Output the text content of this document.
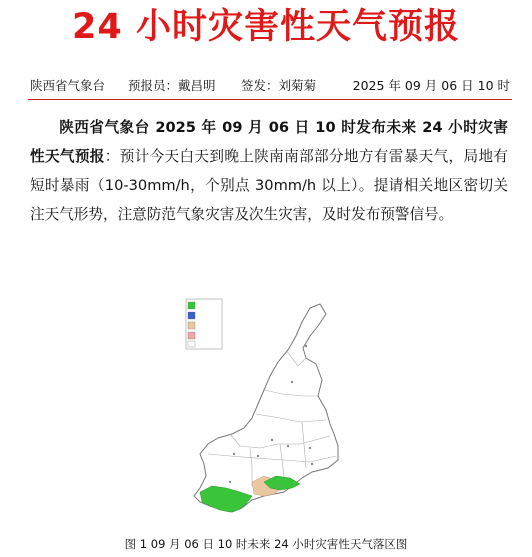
24 小时灾害性天气预报
陕西省气象台 预报员：戴昌明 签发：刘菊菊	2025 年 09 月 06 日 10 时

陕西省气象台 2025 年 09 月 06 日 10 时发布未来 24 小时灾害性天气预报：预计今天白天到晚上陕南南部部分地方有雷暴天气，局地有短时暴雨（10-30mm/h，个别点 30mm/h 以上）。提请相关地区密切关注天气形势，注意防范气象灾害及次生灾害，及时发布预警信号。

图 1 09 月 06 日 10 时未来 24 小时灾害性天气落区图
